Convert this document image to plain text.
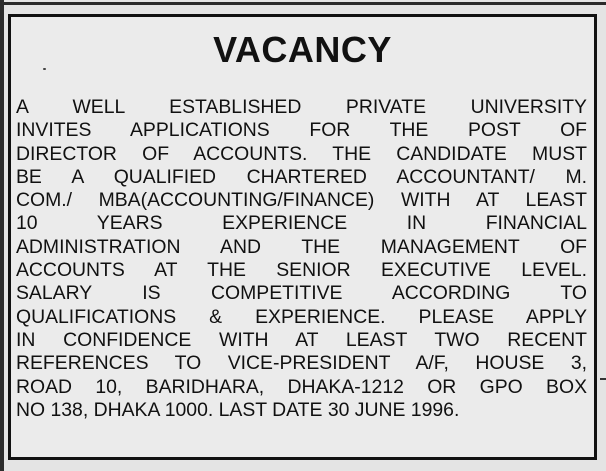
VACANCY
A WELL ESTABLISHED PRIVATE UNIVERSITY
INVITES APPLICATIONS FOR THE POST OF
DIRECTOR OF ACCOUNTS. THE CANDIDATE MUST
BE A QUALIFIED CHARTERED ACCOUNTANT/ M.
COM./ MBA(ACCOUNTING/FINANCE) WITH AT LEAST
10 YEARS EXPERIENCE IN FINANCIAL
ADMINISTRATION AND THE MANAGEMENT OF
ACCOUNTS AT THE SENIOR EXECUTIVE LEVEL.
SALARY IS COMPETITIVE ACCORDING TO
QUALIFICATIONS & EXPERIENCE. PLEASE APPLY
IN CONFIDENCE WITH AT LEAST TWO RECENT
REFERENCES TO VICE-PRESIDENT A/F, HOUSE 3,
ROAD 10, BARIDHARA, DHAKA-1212 OR GPO BOX
NO 138, DHAKA 1000. LAST DATE 30 JUNE 1996.
